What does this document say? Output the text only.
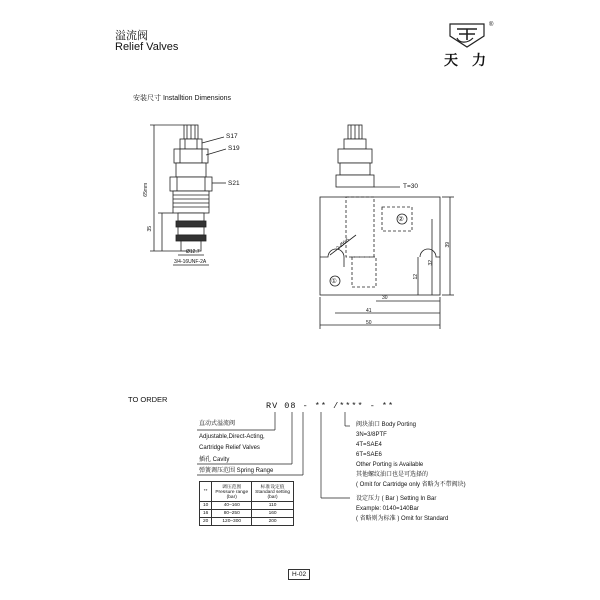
溢流阀
Relief Valves
®
天力
安装尺寸 Installtion Dimensions
S17
S19
S21
65mm
35
Ø12.7
3/4-16UNF-2A
T=30
②
①
30
41
50
39
32
12
2-Ø6.5
TO ORDER
RV 08 - ** /**** - **
直动式溢流阀
Adjustable,Direct-Acting,
Cartridge Relief Valves
插孔 Cavity
弹簧调压范围 Spring Range
阀块油口 Body Porting
3N=3/8PTF
4T=SAE4
6T=SAE6
Other Porting is Available
其他螺纹油口也是可选择的
( Omit for Cartridge only 省略为不带阀块)
设定压力 ( Bar ) Setting In Bar
Example: 0140=140Bar
( 省略则为标准 ) Omit for Standard
**	调压范围
Pressure range
(bar)	标准设定值
Standard setting
(bar)
10	40–160	110
16	80–250	160
20	120–300	200
H-02
